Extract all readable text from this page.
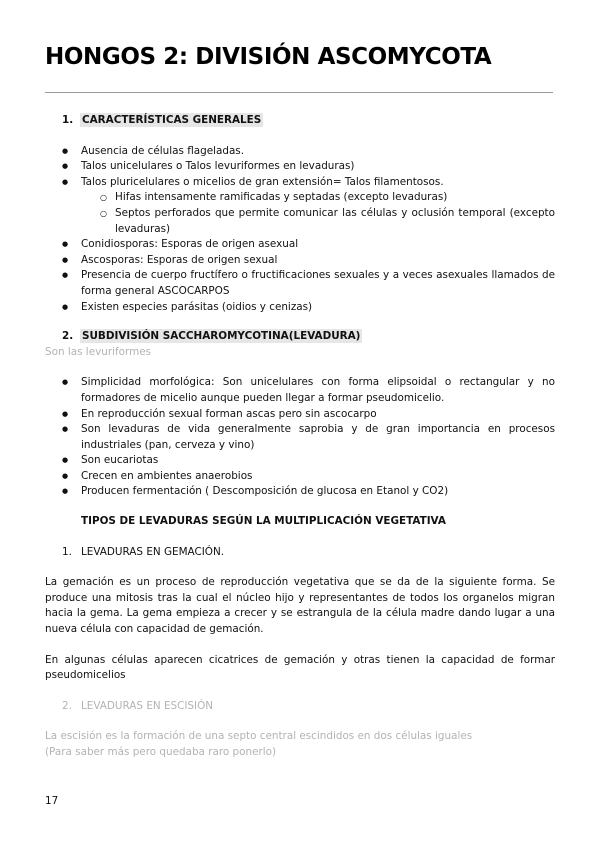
HONGOS 2: DIVISIÓN ASCOMYCOTA
1. CARACTERÍSTICAS GENERALES
● Ausencia de células flageladas.
● Talos unicelulares o Talos levuriformes en levaduras)
● Talos pluricelulares o micelios de gran extensión= Talos filamentosos.
○ Hifas intensamente ramificadas y septadas (excepto levaduras)
○ Septos perforados que permite comunicar las células y oclusión temporal (excepto levaduras)
● Conidiosporas: Esporas de origen asexual
● Ascosporas: Esporas de origen sexual
● Presencia de cuerpo fructífero o fructificaciones sexuales y a veces asexuales llamados de forma general ASCOCARPOS
● Existen especies parásitas (oidios y cenizas)
2. SUBDIVISIÓN SACCHAROMYCOTINA(LEVADURA)

Son las levuriformes

● Simplicidad morfológica: Son unicelulares con forma elipsoidal o rectangular y no formadores de micelio aunque pueden llegar a formar pseudomicelio.
● En reproducción sexual forman ascas pero sin ascocarpo
● Son levaduras de vida generalmente saprobia y de gran importancia en procesos industriales (pan, cerveza y vino)
● Son eucariotas
● Crecen en ambientes anaerobios
● Producen fermentación ( Descomposición de glucosa en Etanol y CO2)
TIPOS DE LEVADURAS SEGÚN LA MULTIPLICACIÓN VEGETATIVA
1. LEVADURAS EN GEMACIÓN.

La gemación es un proceso de reproducción vegetativa que se da de la siguiente forma. Se produce una mitosis tras la cual el núcleo hijo y representantes de todos los organelos migran hacia la gema. La gema empieza a crecer y se estrangula de la célula madre dando lugar a una nueva célula con capacidad de gemación.

En algunas células aparecen cicatrices de gemación y otras tienen la capacidad de formar pseudomicelios

2. LEVADURAS EN ESCISIÓN

La escisión es la formación de una septo central escindidos en dos células iguales

(Para saber más pero quedaba raro ponerlo)

17
